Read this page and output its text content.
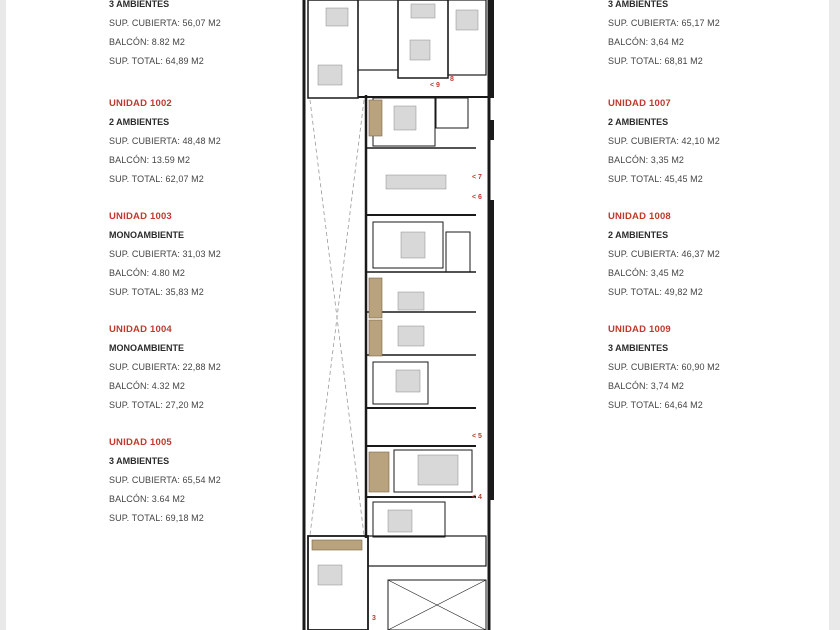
3 AMBIENTES
SUP. CUBIERTA: 56,07 M2
BALCÓN: 8.82 M2
SUP. TOTAL: 64,89 M2
UNIDAD 1002
2 AMBIENTES
SUP. CUBIERTA: 48,48 M2
BALCÓN: 13.59 M2
SUP. TOTAL: 62,07 M2
UNIDAD 1003
MONOAMBIENTE
SUP. CUBIERTA: 31,03 M2
BALCÓN: 4.80 M2
SUP. TOTAL: 35,83 M2
UNIDAD 1004
MONOAMBIENTE
SUP. CUBIERTA: 22,88 M2
BALCÓN: 4.32 M2
SUP. TOTAL: 27,20 M2
UNIDAD 1005
3 AMBIENTES
SUP. CUBIERTA: 65,54 M2
BALCÓN: 3.64 M2
SUP. TOTAL: 69,18 M2
3 AMBIENTES
SUP. CUBIERTA: 65,17 M2
BALCÓN: 3,64 M2
SUP. TOTAL: 68,81 M2
UNIDAD 1007
2 AMBIENTES
SUP. CUBIERTA: 42,10 M2
BALCÓN: 3,35 M2
SUP. TOTAL: 45,45 M2
UNIDAD 1008
2 AMBIENTES
SUP. CUBIERTA: 46,37 M2
BALCÓN: 3,45 M2
SUP. TOTAL: 49,82 M2
UNIDAD 1009
3 AMBIENTES
SUP. CUBIERTA: 60,90 M2
BALCÓN: 3,74 M2
SUP. TOTAL: 64,64 M2
< 9
8
< 7
< 6
< 5
< 4
3
